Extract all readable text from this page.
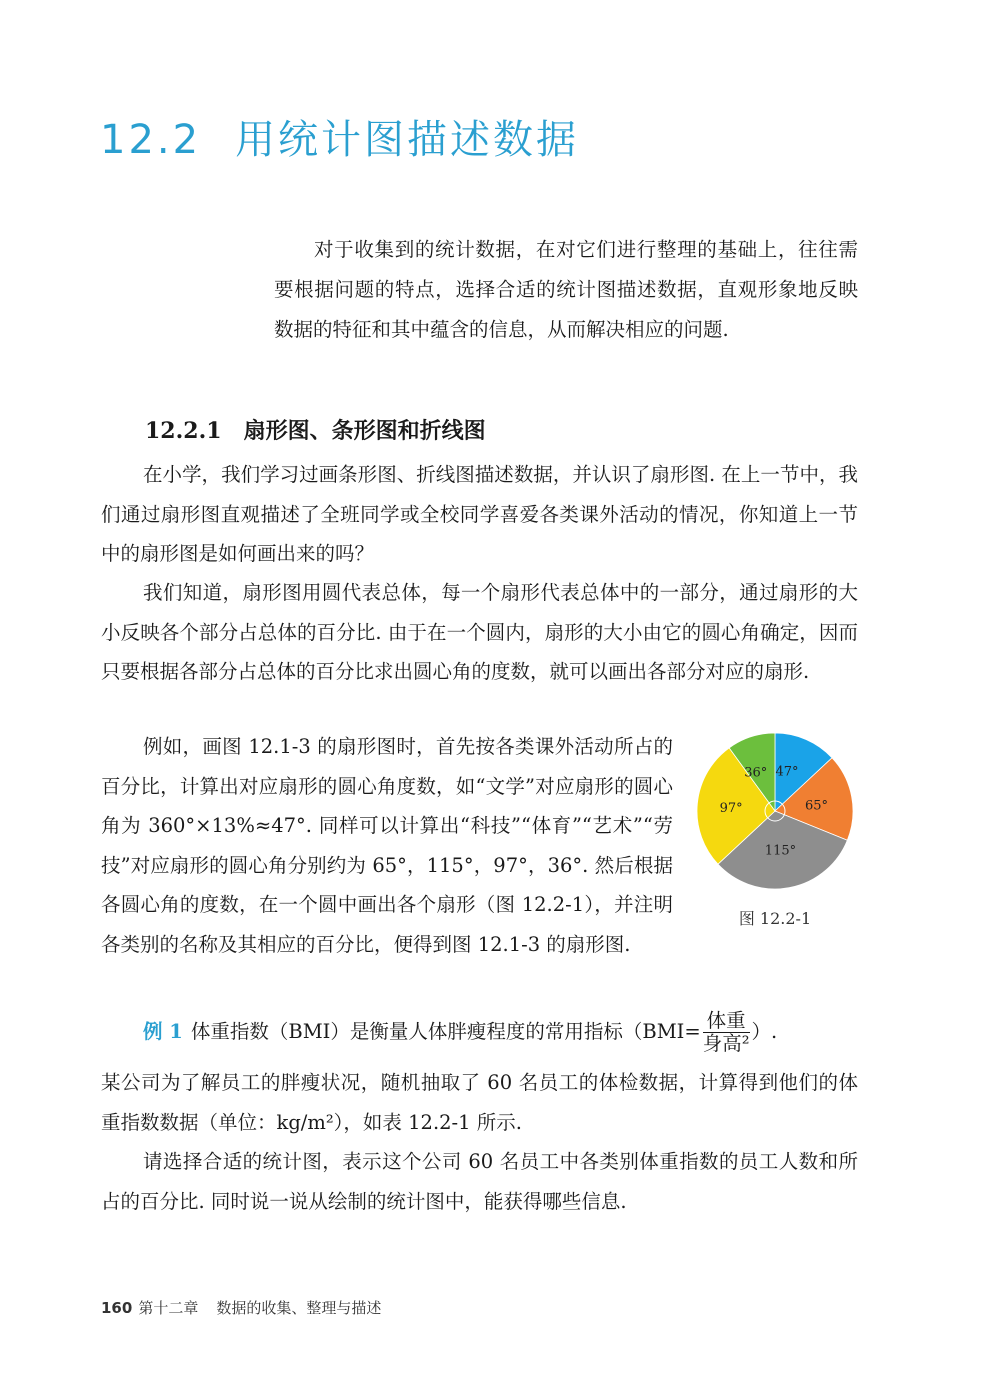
12.2 用统计图描述数据

对于收集到的统计数据，在对它们进行整理的基础上，往往需要根据问题的特点，选择合适的统计图描述数据，直观形象地反映数据的特征和其中蕴含的信息，从而解决相应的问题.

12.2.1 扇形图、条形图和折线图

在小学，我们学习过画条形图、折线图描述数据，并认识了扇形图. 在上一节中，我们通过扇形图直观描述了全班同学或全校同学喜爱各类课外活动的情况，你知道上一节中的扇形图是如何画出来的吗？

我们知道，扇形图用圆代表总体，每一个扇形代表总体中的一部分，通过扇形的大小反映各个部分占总体的百分比. 由于在一个圆内，扇形的大小由它的圆心角确定，因而只要根据各部分占总体的百分比求出圆心角的度数，就可以画出各部分对应的扇形.

例如，画图 12.1-3 的扇形图时，首先按各类课外活动所占的百分比，计算出对应扇形的圆心角度数，如“文学”对应扇形的圆心角为 360°×13%≈47°. 同样可以计算出“科技”“体育”“艺术”“劳技”对应扇形的圆心角分别约为 65°，115°，97°，36°. 然后根据各圆心角的度数，在一个圆中画出各个扇形（图 12.2-1），并注明各类别的名称及其相应的百分比，便得到图 12.1-3 的扇形图.

47°
65°
115°
97°
36°
图 12.2-1

例 1 体重指数（BMI）是衡量人体胖瘦程度的常用指标（$BMI= \frac{\text{体重}}{\text{身高²}}$ ）.

某公司为了解员工的胖瘦状况，随机抽取了 60 名员工的体检数据，计算得到他们的体重指数数据（单位：kg/m²），如表 12.2-1 所示.

请选择合适的统计图，表示这个公司 60 名员工中各类别体重指数的员工人数和所占的百分比. 同时说一说从绘制的统计图中，能获得哪些信息.

160 第十二章 数据的收集、整理与描述
